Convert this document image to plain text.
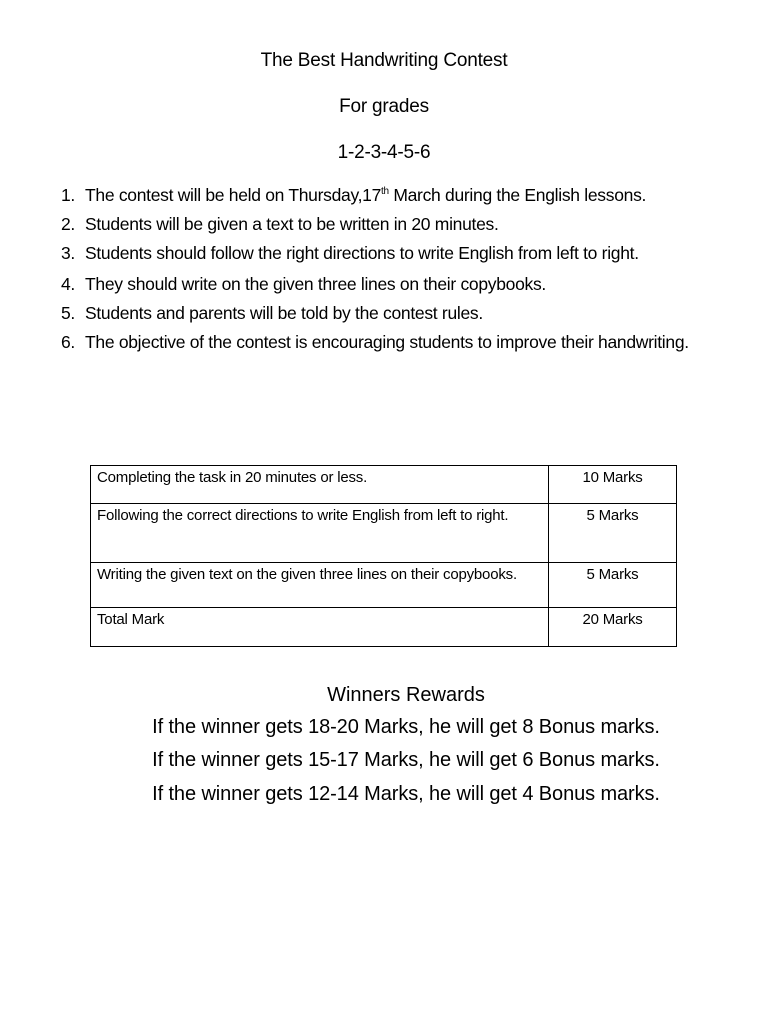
The Best Handwriting Contest
For grades
1-2-3-4-5-6
1. The contest will be held on Thursday,17th March during the English lessons.
2. Students will be given a text to be written in 20 minutes.
3. Students should follow the right directions to write English from left to right.
4. They should write on the given three lines on their copybooks.
5. Students and parents will be told by the contest rules.
6. The objective of the contest is encouraging students to improve their handwriting.
Completing the task in 20 minutes or less.	10 Marks
Following the correct directions to write English from left to right.	5 Marks
Writing the given text on the given three lines on their copybooks.	5 Marks
Total Mark	20 Marks
Winners Rewards
If the winner gets 18-20 Marks, he will get 8 Bonus marks.
If the winner gets 15-17 Marks, he will get 6 Bonus marks.
If the winner gets 12-14 Marks, he will get 4 Bonus marks.
